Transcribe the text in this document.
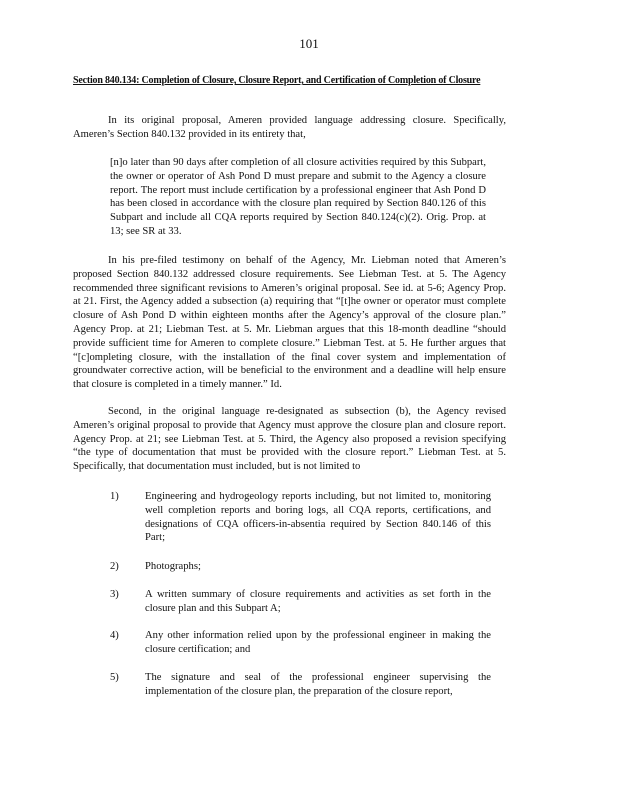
101
Section 840.134: Completion of Closure, Closure Report, and Certification of Completion of Closure

In its original proposal, Ameren provided language addressing closure. Specifically, Ameren’s Section 840.132 provided in its entirety that,

[n]o later than 90 days after completion of all closure activities required by this Subpart, the owner or operator of Ash Pond D must prepare and submit to the Agency a closure report. The report must include certification by a professional engineer that Ash Pond D has been closed in accordance with the closure plan required by Section 840.126 of this Subpart and include all CQA reports required by Section 840.124(c)(2). Orig. Prop. at 13; see SR at 33.

In his pre-filed testimony on behalf of the Agency, Mr. Liebman noted that Ameren’s proposed Section 840.132 addressed closure requirements. See Liebman Test. at 5. The Agency recommended three significant revisions to Ameren’s original proposal. See id. at 5-6; Agency Prop. at 21. First, the Agency added a subsection (a) requiring that “[t]he owner or operator must complete closure of Ash Pond D within eighteen months after the Agency’s approval of the closure plan.” Agency Prop. at 21; Liebman Test. at 5. Mr. Liebman argues that this 18-month deadline “should provide sufficient time for Ameren to complete closure.” Liebman Test. at 5. He further argues that “[c]ompleting closure, with the installation of the final cover system and implementation of groundwater corrective action, will be beneficial to the environment and a deadline will help ensure that closure is completed in a timely manner.” Id.

Second, in the original language re-designated as subsection (b), the Agency revised Ameren’s original proposal to provide that Agency must approve the closure plan and closure report. Agency Prop. at 21; see Liebman Test. at 5. Third, the Agency also proposed a revision specifying “the type of documentation that must be provided with the closure report.” Liebman Test. at 5. Specifically, that documentation must included, but is not limited to

1) Engineering and hydrogeology reports including, but not limited to, monitoring well completion reports and boring logs, all CQA reports, certifications, and designations of CQA officers-in-absentia required by Section 840.146 of this Part;
2) Photographs;
3) A written summary of closure requirements and activities as set forth in the closure plan and this Subpart A;
4) Any other information relied upon by the professional engineer in making the closure certification; and
5) The signature and seal of the professional engineer supervising the implementation of the closure plan, the preparation of the closure report,
